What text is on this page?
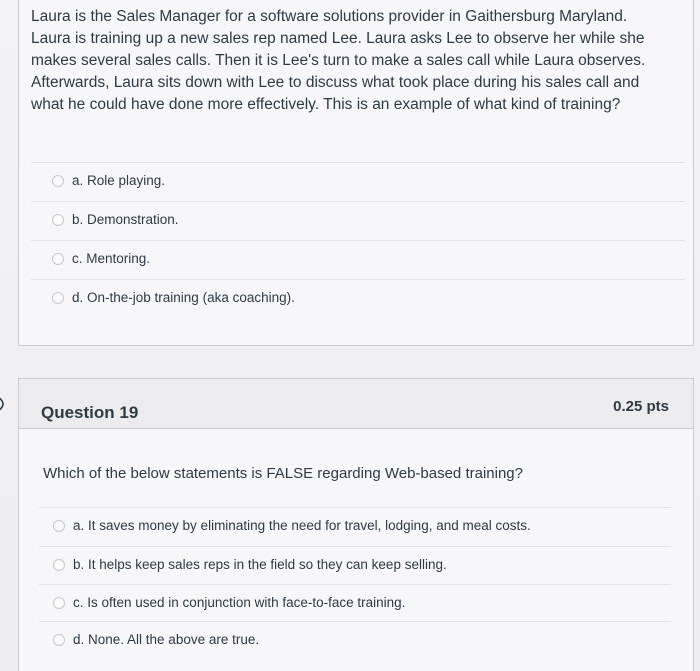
Laura is the Sales Manager for a software solutions provider in Gaithersburg Maryland.
Laura is training up a new sales rep named Lee. Laura asks Lee to observe her while she
makes several sales calls. Then it is Lee's turn to make a sales call while Laura observes.
Afterwards, Laura sits down with Lee to discuss what took place during his sales call and
what he could have done more effectively. This is an example of what kind of training?
a. Role playing.
b. Demonstration.
c. Mentoring.
d. On-the-job training (aka coaching).
Question 19	0.25 pts
Which of the below statements is FALSE regarding Web-based training?
a. It saves money by eliminating the need for travel, lodging, and meal costs.
b. It helps keep sales reps in the field so they can keep selling.
c. Is often used in conjunction with face-to-face training.
d. None. All the above are true.
